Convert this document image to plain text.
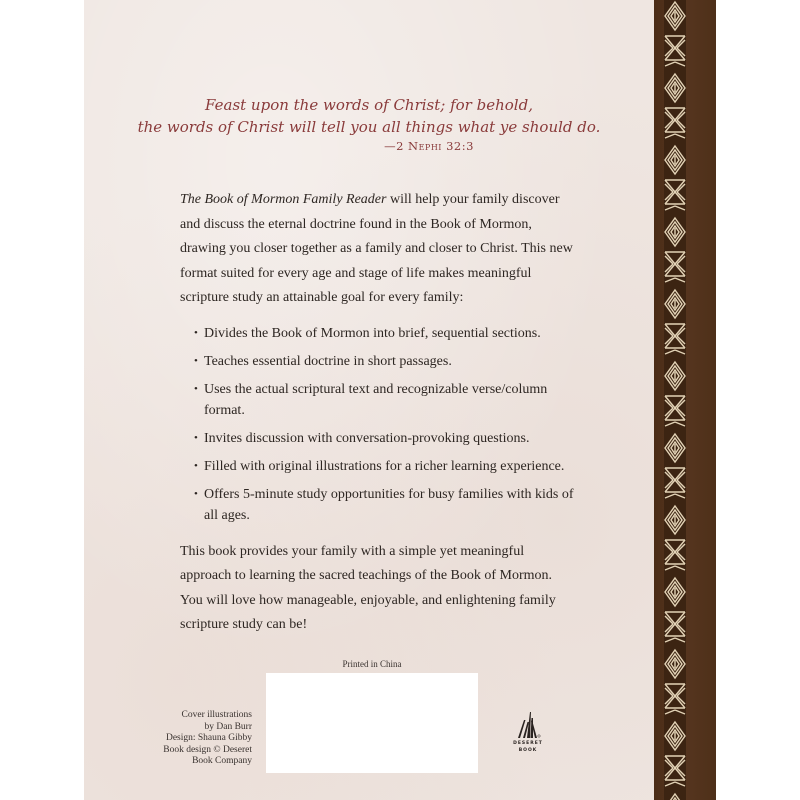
Feast upon the words of Christ; for behold,
the words of Christ will tell you all things what ye should do.
—2 Nephi 32:3

The Book of Mormon Family Reader will help your family discover and discuss the eternal doctrine found in the Book of Mormon, drawing you closer together as a family and closer to Christ. This new format suited for every age and stage of life makes meaningful scripture study an attainable goal for every family:

• Divides the Book of Mormon into brief, sequential sections.
• Teaches essential doctrine in short passages.
• Uses the actual scriptural text and recognizable verse/column format.
• Invites discussion with conversation-provoking questions.
• Filled with original illustrations for a richer learning experience.
• Offers 5-minute study opportunities for busy families with kids of all ages.

This book provides your family with a simple yet meaningful approach to learning the sacred teachings of the Book of Mormon. You will love how manageable, enjoyable, and enlightening family scripture study can be!

Printed in China
Cover illustrations
by Dan Burr
Design: Shauna Gibby
Book design © Deseret
Book Company
DESERET
BOOK
